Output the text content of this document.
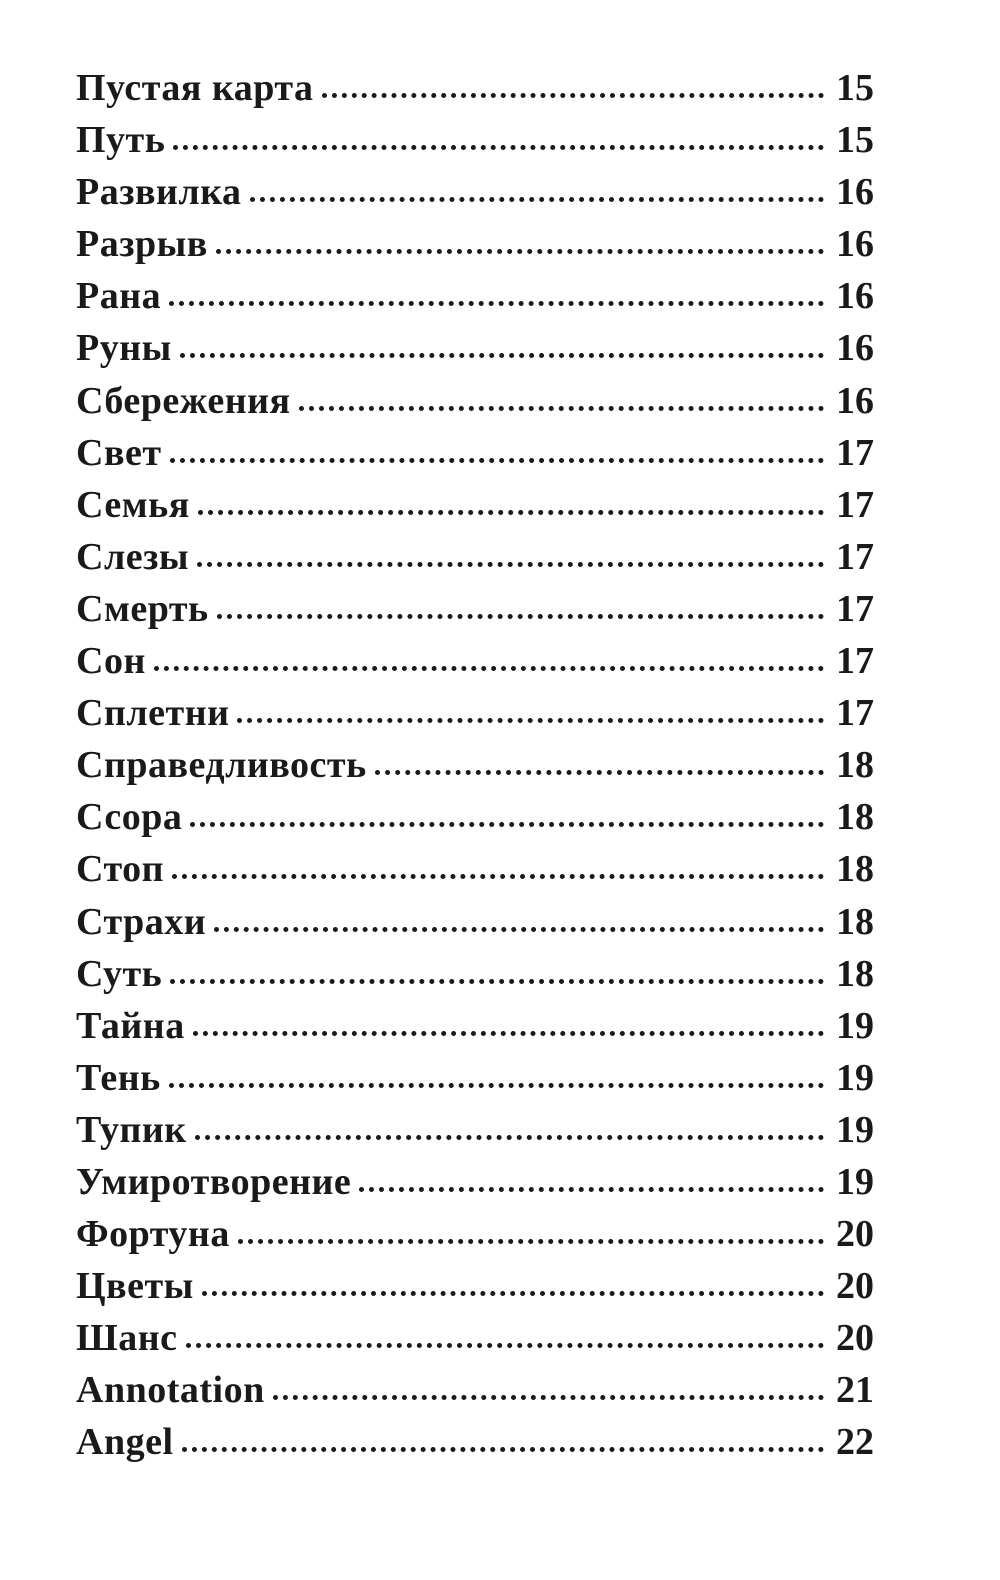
Пустая карта	15
Путь	15
Развилка	16
Разрыв	16
Рана	16
Руны	16
Сбережения	16
Свет	17
Семья	17
Слезы	17
Смерть	17
Сон	17
Сплетни	17
Справедливость	18
Ссора	18
Стоп	18
Страхи	18
Суть	18
Тайна	19
Тень	19
Тупик	19
Умиротворение	19
Фортуна	20
Цветы	20
Шанс	20
Annotation	21
Angel	22
